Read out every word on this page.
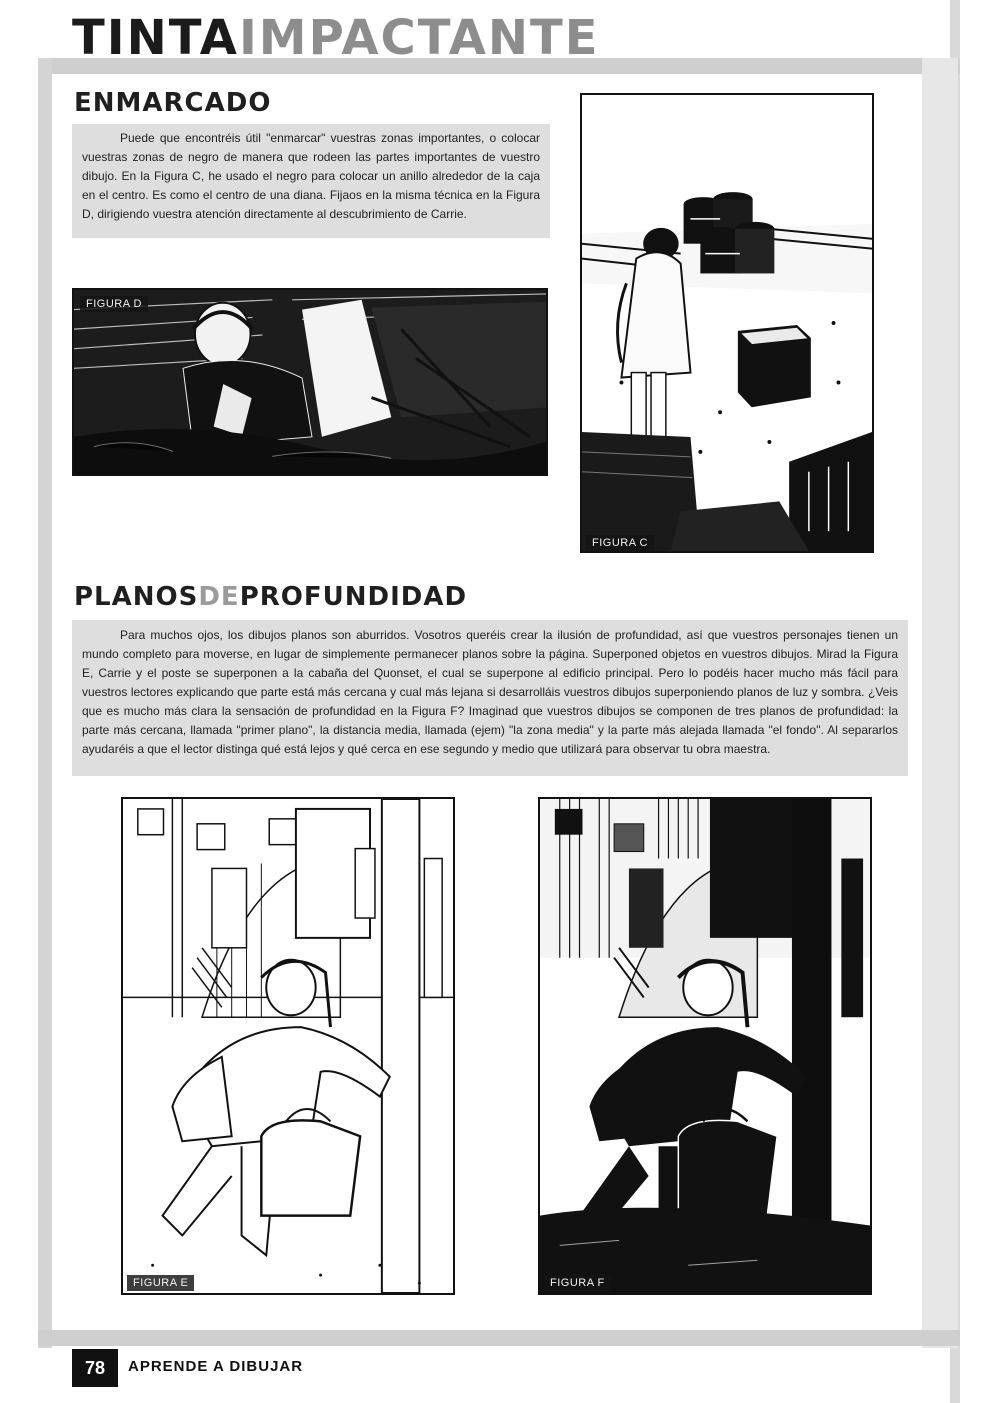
TINTAIMPACTANTE
ENMARCADO
Puede que encontréis útil "enmarcar" vuestras zonas importantes, o colocar vuestras zonas de negro de manera que rodeen las partes importantes de vuestro dibujo. En la Figura C, he usado el negro para colocar un anillo alrededor de la caja en el centro. Es como el centro de una diana. Fijaos en la misma técnica en la Figura D, dirigiendo vuestra atención directamente al descubrimiento de Carrie.
FIGURA D
FIGURA C
PLANOSDEPROFUNDIDAD
Para muchos ojos, los dibujos planos son aburridos. Vosotros queréis crear la ilusión de profundidad, así que vuestros personajes tienen un mundo completo para moverse, en lugar de simplemente permanecer planos sobre la página. Superponed objetos en vuestros dibujos. Mirad la Figura E, Carrie y el poste se superponen a la cabaña del Quonset, el cual se superpone al edificio principal. Pero lo podéis hacer mucho más fácil para vuestros lectores explicando que parte está más cercana y cual más lejana si desarrolláis vuestros dibujos superponiendo planos de luz y sombra. ¿Veis que es mucho más clara la sensación de profundidad en la Figura F? Imaginad que vuestros dibujos se componen de tres planos de profundidad: la parte más cercana, llamada "primer plano", la distancia media, llamada (ejem) "la zona media" y la parte más alejada llamada "el fondo". Al separarlos ayudaréis a que el lector distinga qué está lejos y qué cerca en ese segundo y medio que utilizará para observar tu obra maestra.
FIGURA E	FIGURA F
78	APRENDE A DIBUJAR
